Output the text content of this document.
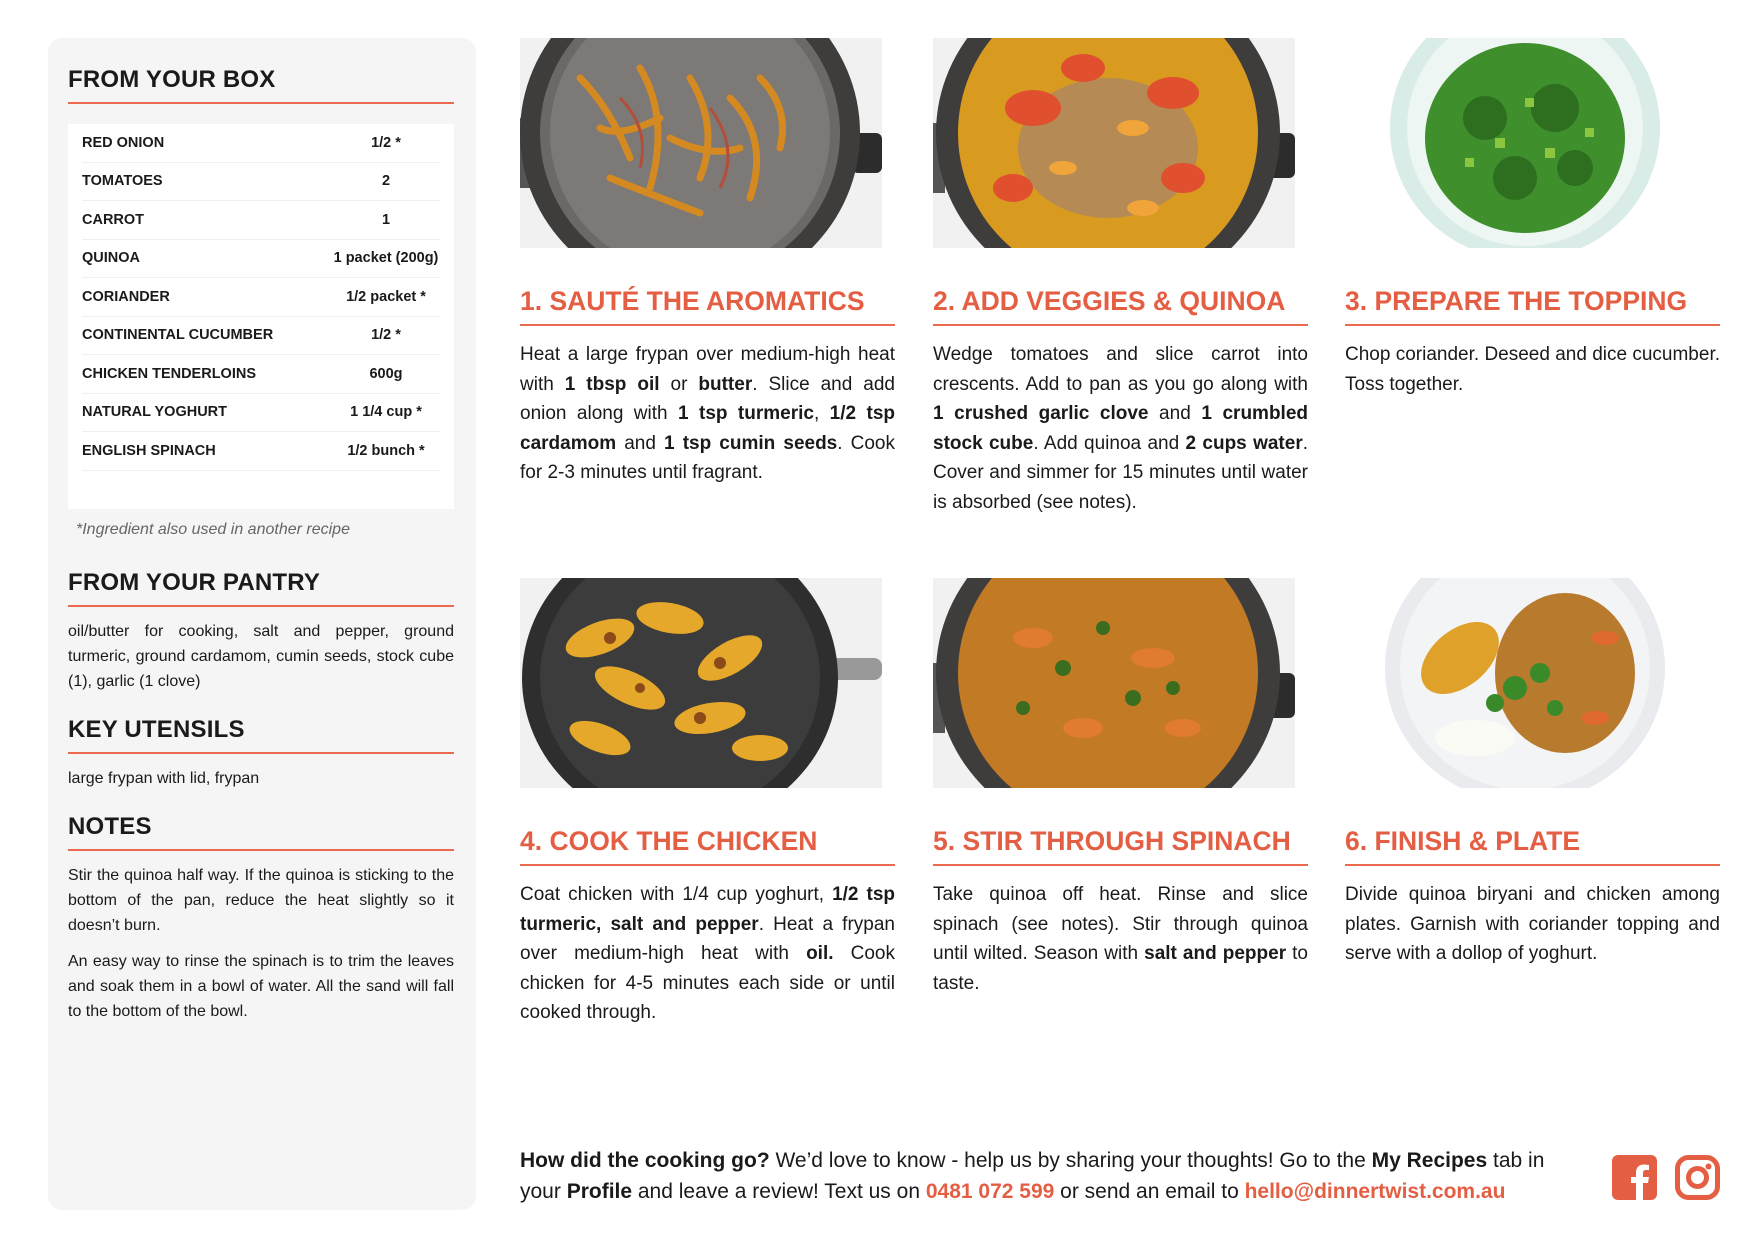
FROM YOUR BOX
RED ONION	1/2 *
TOMATOES	2
CARROT	1
QUINOA	1 packet (200g)
CORIANDER	1/2 packet *
CONTINENTAL CUCUMBER	1/2 *
CHICKEN TENDERLOINS	600g
NATURAL YOGHURT	1 1/4 cup *
ENGLISH SPINACH	1/2 bunch *
*Ingredient also used in another recipe
FROM YOUR PANTRY

oil/butter for cooking, salt and pepper, ground turmeric, ground cardamom, cumin seeds, stock cube (1), garlic (1 clove)

KEY UTENSILS

large frypan with lid, frypan

NOTES

Stir the quinoa half way. If the quinoa is sticking to the bottom of the pan, reduce the heat slightly so it doesn’t burn.

An easy way to rinse the spinach is to trim the leaves and soak them in a bowl of water. All the sand will fall to the bottom of the bowl.

1. SAUTÉ THE AROMATICS

Heat a large frypan over medium-high heat with 1 tbsp oil or butter. Slice and add onion along with 1 tsp turmeric, 1/2 tsp cardamom and 1 tsp cumin seeds. Cook for 2-3 minutes until fragrant.

2. ADD VEGGIES & QUINOA

Wedge tomatoes and slice carrot into crescents. Add to pan as you go along with 1 crushed garlic clove and 1 crumbled stock cube. Add quinoa and 2 cups water. Cover and simmer for 15 minutes until water is absorbed (see notes).

3. PREPARE THE TOPPING

Chop coriander. Deseed and dice cucumber. Toss together.

4. COOK THE CHICKEN

Coat chicken with 1/4 cup yoghurt, 1/2 tsp turmeric, salt and pepper. Heat a frypan over medium-high heat with oil. Cook chicken for 4-5 minutes each side or until cooked through.

5. STIR THROUGH SPINACH

Take quinoa off heat. Rinse and slice spinach (see notes). Stir through quinoa until wilted. Season with salt and pepper to taste.

6. FINISH & PLATE

Divide quinoa biryani and chicken among plates. Garnish with coriander topping and serve with a dollop of yoghurt.

How did the cooking go? We’d love to know - help us by sharing your thoughts! Go to the My Recipes tab in your Profile and leave a review! Text us on 0481 072 599 or send an email to hello@dinnertwist.com.au
